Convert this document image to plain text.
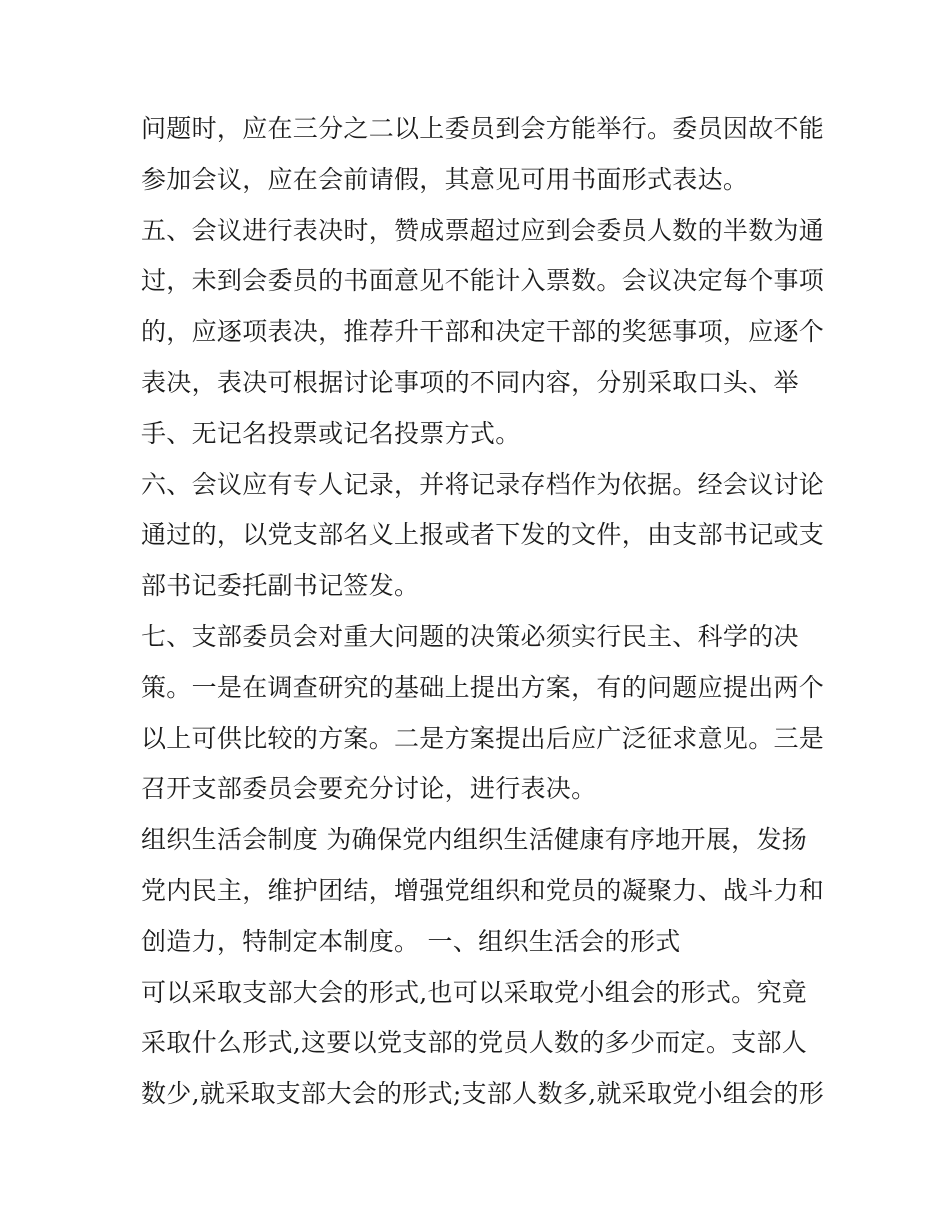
问题时，应在三分之二以上委员到会方能举行。委员因故不能
参加会议，应在会前请假，其意见可用书面形式表达。
五、会议进行表决时，赞成票超过应到会委员人数的半数为通
过，未到会委员的书面意见不能计入票数。会议决定每个事项
的，应逐项表决，推荐升干部和决定干部的奖惩事项，应逐个
表决，表决可根据讨论事项的不同内容，分别采取口头、举
手、无记名投票或记名投票方式。
六、会议应有专人记录，并将记录存档作为依据。经会议讨论
通过的，以党支部名义上报或者下发的文件，由支部书记或支
部书记委托副书记签发。
七、支部委员会对重大问题的决策必须实行民主、科学的决
策。一是在调查研究的基础上提出方案，有的问题应提出两个
以上可供比较的方案。二是方案提出后应广泛征求意见。三是
召开支部委员会要充分讨论，进行表决。
组织生活会制度 为确保党内组织生活健康有序地开展，发扬
党内民主，维护团结，增强党组织和党员的凝聚力、战斗力和
创造力，特制定本制度。 一、组织生活会的形式
可以采取支部大会的形式,也可以采取党小组会的形式。究竟
采取什么形式,这要以党支部的党员人数的多少而定。支部人
数少,就采取支部大会的形式;支部人数多,就采取党小组会的形
